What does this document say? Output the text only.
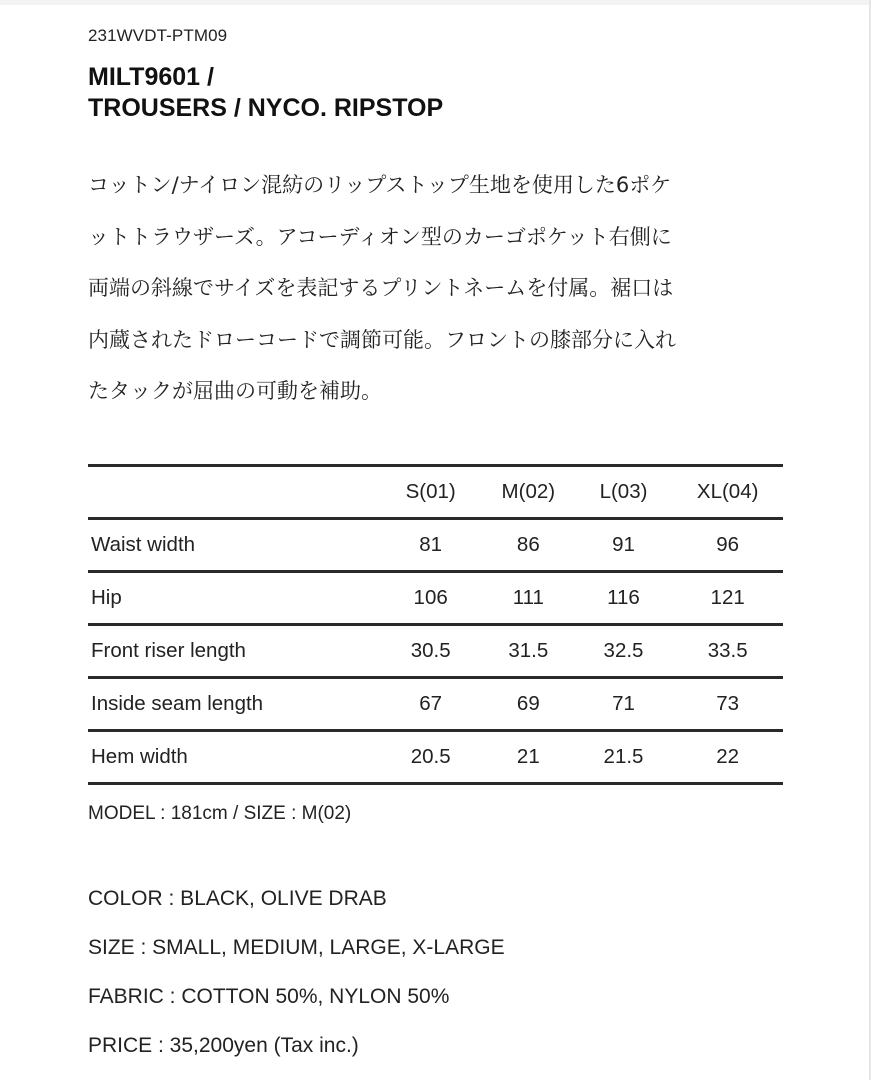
231WVDT-PTM09
MILT9601 /
TROUSERS / NYCO. RIPSTOP
コットン/ナイロン混紡のリップストップ生地を使用した6ポケ
ットトラウザーズ。アコーディオン型のカーゴポケット右側に
両端の斜線でサイズを表記するプリントネームを付属。裾口は
内蔵されたドローコードで調節可能。フロントの膝部分に入れ
たタックが屈曲の可動を補助。
	S(01)	M(02)	L(03)	XL(04)
Waist width	81	86	91	96
Hip	106	111	116	121
Front riser length	30.5	31.5	32.5	33.5
Inside seam length	67	69	71	73
Hem width	20.5	21	21.5	22
MODEL : 181cm / SIZE : M(02)
COLOR : BLACK, OLIVE DRAB
SIZE : SMALL, MEDIUM, LARGE, X-LARGE
FABRIC : COTTON 50%, NYLON 50%
PRICE : 35,200yen (Tax inc.)
